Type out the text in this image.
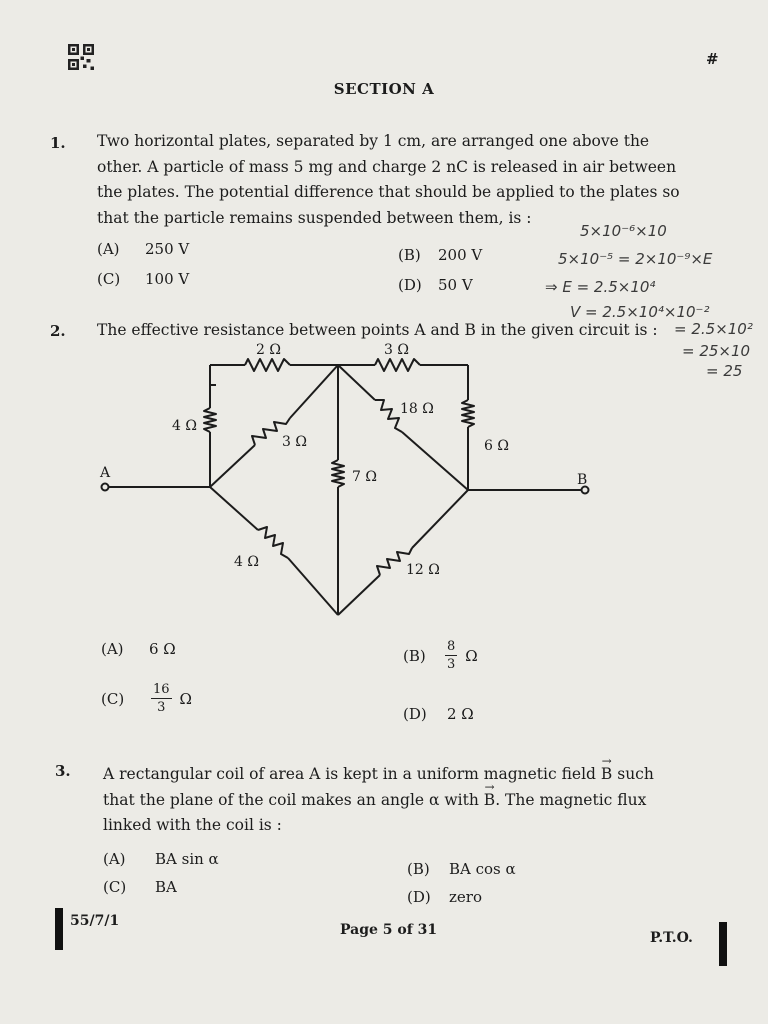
#
SECTION A
1. Two horizontal plates, separated by 1 cm, are arranged one above the
other. A particle of mass 5 mg and charge 2 nC is released in air between
the plates. The potential difference that should be applied to the plates so
that the particle remains suspended between them, is :
(A) 250 V	(B) 200 V
(C) 100 V	(D) 50 V
5×10⁻⁶×10
5×10⁻⁵ = 2×10⁻⁹×E
⇒ E = 2.5×10⁴
V = 2.5×10⁴×10⁻²
= 2.5×10²
= 25×10
= 25
2. The effective resistance between points A and B in the given circuit is :
A	B
2 Ω	3 Ω
4 Ω
3 Ω
18 Ω
6 Ω
7 Ω
4 Ω	12 Ω
(A) 6 Ω	$(B) \frac{8}{3}$ Ω
$(C) \frac{16}{3}$ Ω
(D) 2 Ω
3. A rectangular coil of area A is kept in a uniform magnetic field → B such
that the plane of the coil makes an angle α with → B. The magnetic flux
linked with the coil is :
(A) BA sin α
(B) BA cos α
(C) BA
(D) zero
55/7/1
Page 5 of 31	P.T.O.
